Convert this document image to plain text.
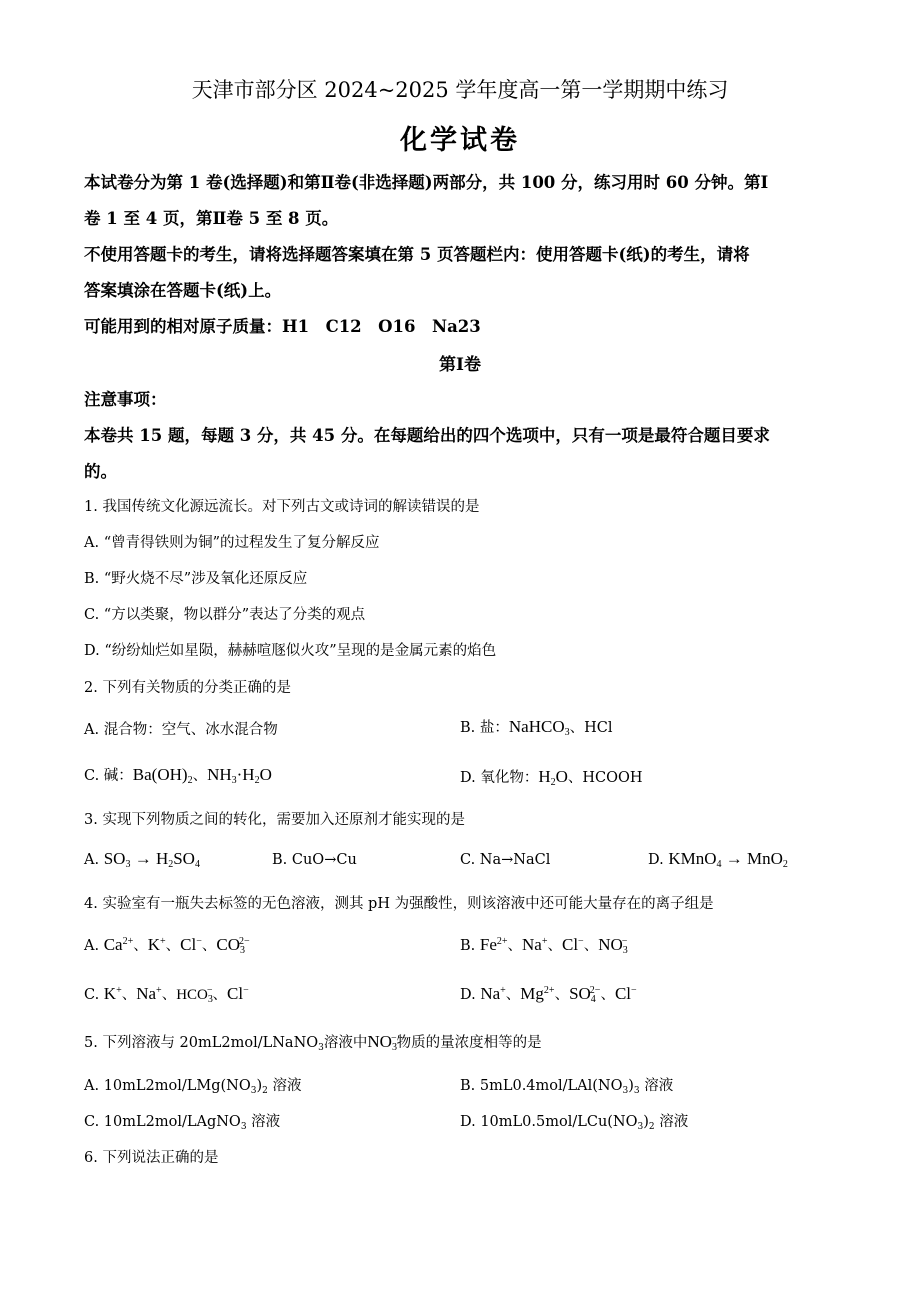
天津市部分区 2024~2025 学年度高一第一学期期中练习
化学试卷
本试卷分为第 1 卷(选择题)和第Ⅱ卷(非选择题)两部分，共 100 分，练习用时 60 分钟。第Ⅰ
卷 1 至 4 页，第Ⅱ卷 5 至 8 页。
不使用答题卡的考生，请将选择题答案填在第 5 页答题栏内：使用答题卡(纸)的考生，请将
答案填涂在答题卡(纸)上。
可能用到的相对原子质量：H1　C12　O16　Na23
第Ⅰ卷
注意事项：
本卷共 15 题，每题 3 分，共 45 分。在每题给出的四个选项中，只有一项是最符合题目要求
的。
1. 我国传统文化源远流长。对下列古文或诗词的解读错误的是
A. “曾青得铁则为铜”的过程发生了复分解反应
B. “野火烧不尽”涉及氧化还原反应
C. “方以类聚，物以群分”表达了分类的观点
D. “纷纷灿烂如星陨，赫赫喧豗似火攻”呈现的是金属元素的焰色
2. 下列有关物质的分类正确的是
A. 混合物：空气、冰水混合物	B. 盐：NaHCO$_3$、HCl
C. 碱：$Ba(OH)_2$、$NH_3\cdot H_2O$	D. 氧化物：$H_2O$、HCOOH
3. 实现下列物质之间的转化，需要加入还原剂才能实现的是
A. $SO_3 \to H_2SO_4$	B. CuO→Cu	C. Na→NaCl	D. KMnO$_4$ → MnO$_2$
4. 实验室有一瓶失去标签的无色溶液，测其 pH 为强酸性，则该溶液中还可能大量存在的离子组是
A. $Ca^{2+}$、K+、Cl−、$CO_3^{2-}$	B. $Fe^{2+}$、Na+、Cl−、$NO_3^-$
C. K+、Na+、$HCO_3^-$、Cl−	D. Na+、$Mg^{2+}$、$SO_4^{2-}$、Cl−
5. 下列溶液与 20mL2mol/LNaNO$_3$溶液中$NO_3^-$物质的量浓度相等的是
A. $10mL2mol/LMg(NO_3)_2$ 溶液	B. $5mL0.4mol/LAl(NO_3)_3$ 溶液
C. 10mL2mol/LAgNO$_3$ 溶液	D. $10mL0.5mol/LCu(NO_3)_2$ 溶液
6. 下列说法正确的是
